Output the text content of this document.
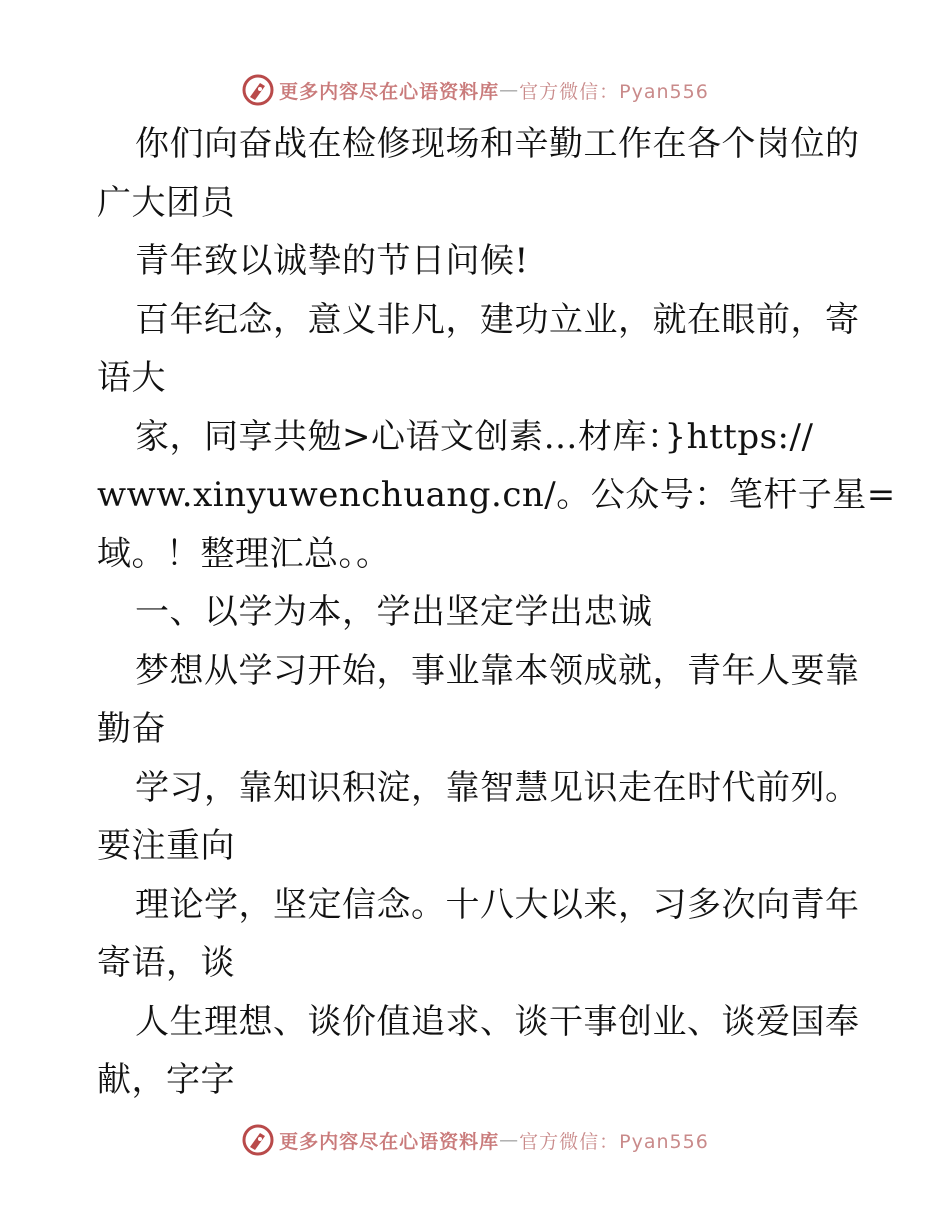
更多内容尽在心语资料库 — 官方微信：Pyan556
你们向奋战在检修现场和辛勤工作在各个岗位的
广大团员
青年致以诚挚的节日问候!
百年纪念，意义非凡，建功立业，就在眼前，寄
语大
家，同享共勉>心语文创素…材库：}https://
www.xinyuwenchuang.cn/。公众号：笔杆子星=
域。！整理汇总。。
一、以学为本，学出坚定学出忠诚
梦想从学习开始，事业靠本领成就，青年人要靠
勤奋
学习，靠知识积淀，靠智慧见识走在时代前列。
要注重向
理论学，坚定信念。十八大以来，习多次向青年
寄语，谈
人生理想、谈价值追求、谈干事创业、谈爱国奉
献，字字
更多内容尽在心语资料库 — 官方微信：Pyan556
